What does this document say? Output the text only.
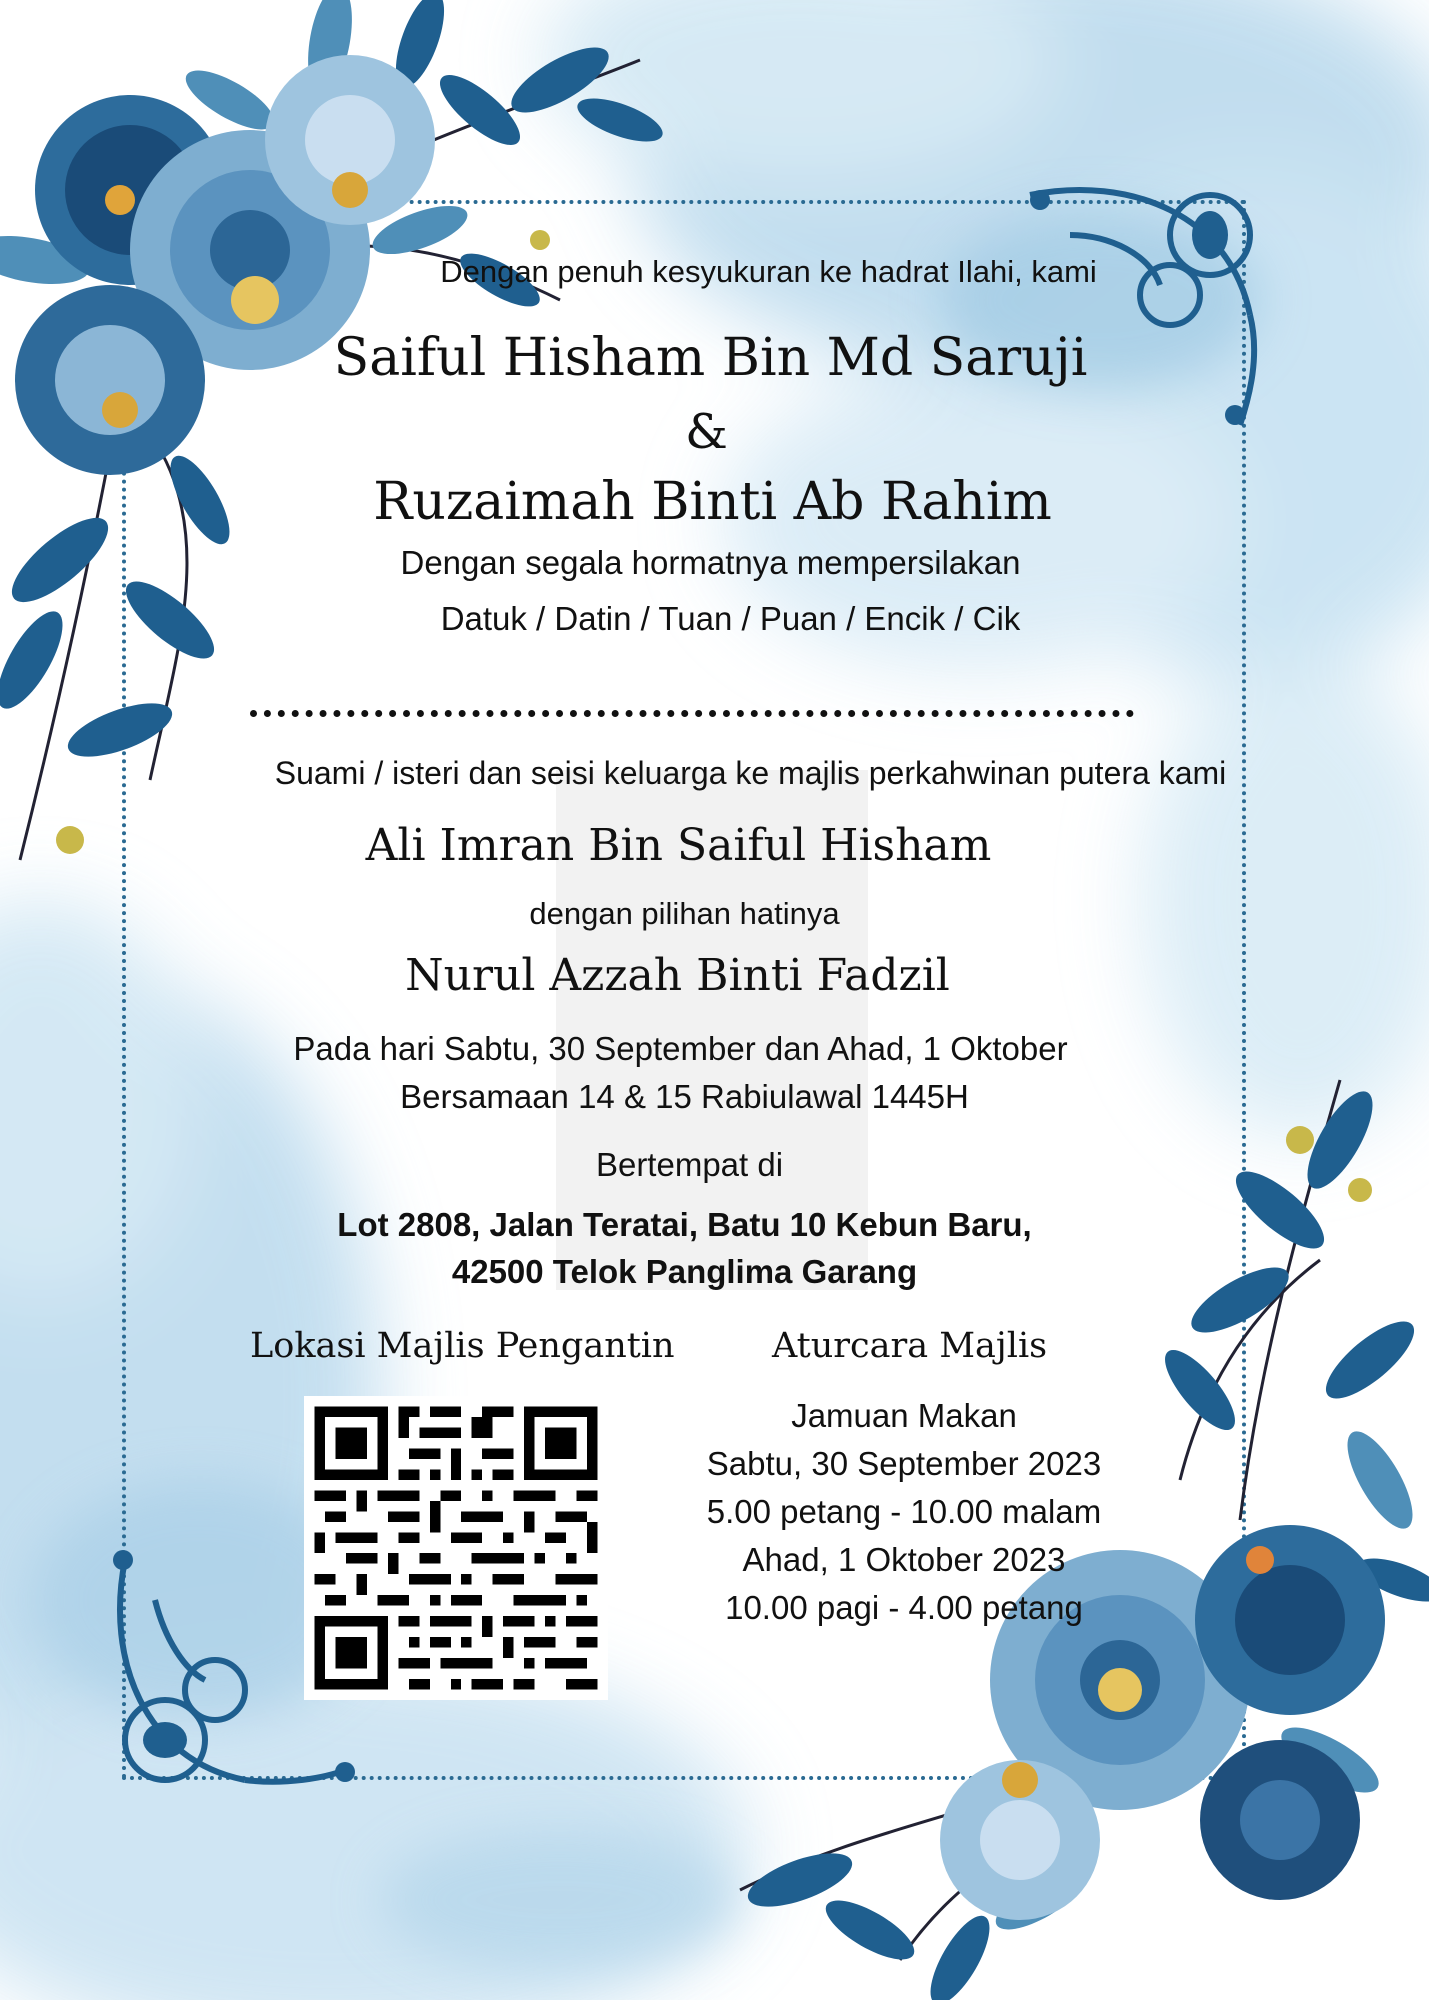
Dengan penuh kesyukuran ke hadrat Ilahi, kami
Saiful Hisham Bin Md Saruji
&
Ruzaimah Binti Ab Rahim
Dengan segala hormatnya mempersilakan
Datuk / Datin / Tuan / Puan / Encik / Cik
Suami / isteri dan seisi keluarga ke majlis perkahwinan putera kami
Ali Imran Bin Saiful Hisham
dengan pilihan hatinya
Nurul Azzah Binti Fadzil
Pada hari Sabtu, 30 September dan Ahad, 1 Oktober
Bersamaan 14 & 15 Rabiulawal 1445H
Bertempat di
Lot 2808, Jalan Teratai, Batu 10 Kebun Baru,
42500 Telok Panglima Garang
Lokasi Majlis Pengantin	Aturcara Majlis
Jamuan Makan
Sabtu, 30 September 2023
5.00 petang - 10.00 malam
Ahad, 1 Oktober 2023
10.00 pagi - 4.00 petang
